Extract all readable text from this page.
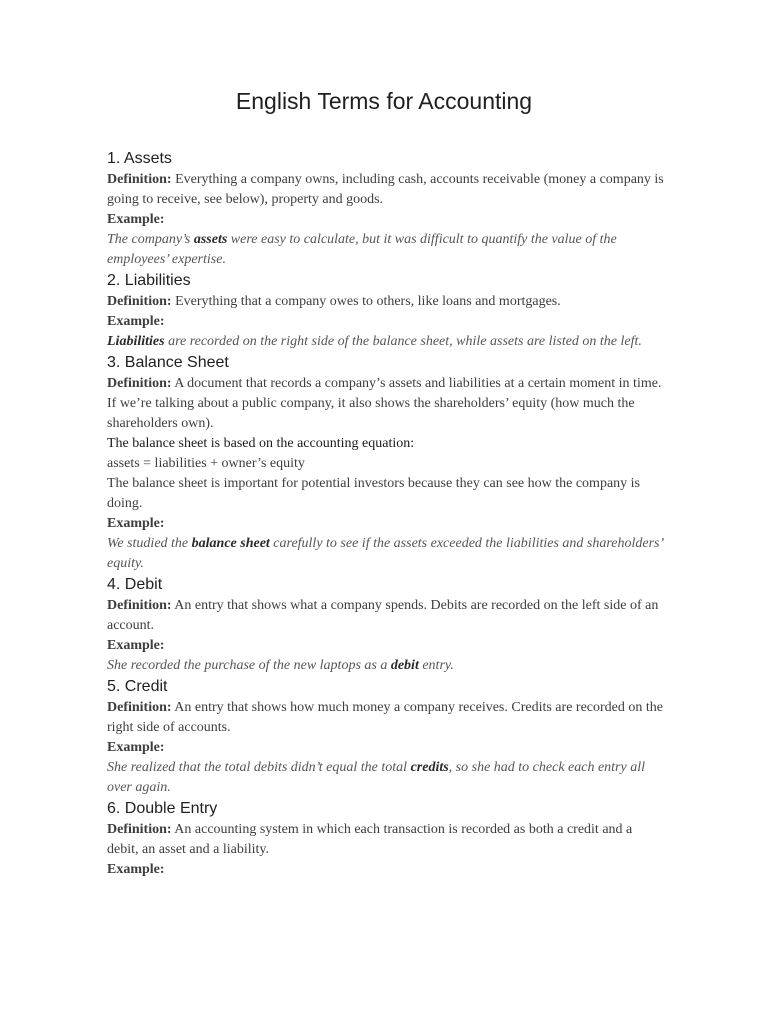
English Terms for Accounting
1. Assets

Definition: Everything a company owns, including cash, accounts receivable (money a company is going to receive, see below), property and goods.

Example:

The company’s assets were easy to calculate, but it was difficult to quantify the value of the employees’ expertise.

2. Liabilities

Definition: Everything that a company owes to others, like loans and mortgages.

Example:

Liabilities are recorded on the right side of the balance sheet, while assets are listed on the left.

3. Balance Sheet

Definition: A document that records a company’s assets and liabilities at a certain moment in time. If we’re talking about a public company, it also shows the shareholders’ equity (how much the shareholders own).

The balance sheet is based on the accounting equation:

assets = liabilities + owner’s equity

The balance sheet is important for potential investors because they can see how the company is doing.

Example:

We studied the balance sheet carefully to see if the assets exceeded the liabilities and shareholders’ equity.

4. Debit

Definition: An entry that shows what a company spends. Debits are recorded on the left side of an account.

Example:

She recorded the purchase of the new laptops as a debit entry.

5. Credit

Definition: An entry that shows how much money a company receives. Credits are recorded on the right side of accounts.

Example:

She realized that the total debits didn’t equal the total credits, so she had to check each entry all over again.

6. Double Entry

Definition: An accounting system in which each transaction is recorded as both a credit and a debit, an asset and a liability.

Example:
